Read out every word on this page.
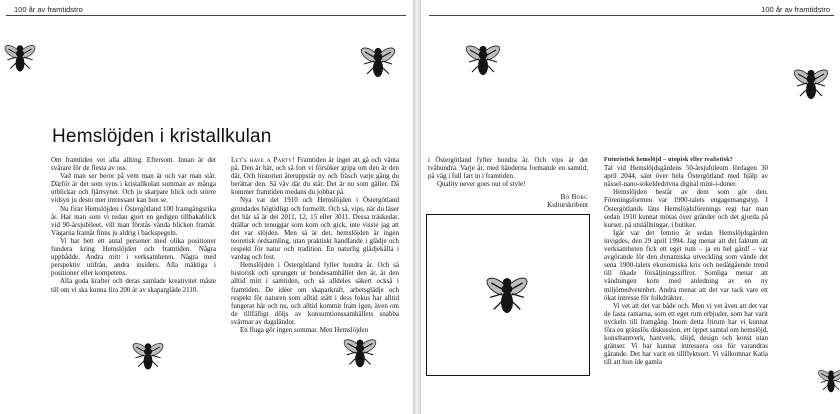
100 år av framtidstro
Hemslöjden i kristallkulan

Om framtiden vet alla allting. Eftersom. Innan är det svårare för de flesta av oss.

Vad man ser beror på vem man är och var man står. Därför är det som syns i kristallkulan summan av många utblickar och fjärrsyner. Och ju skarpare blick och större vidsyn ju desto mer intressant kan hon se.

Nu firar Hemslöjden i Östergötland 100 framgångsrika år. Har man som vi redan gjort en gedigen tillbakablick vid 90-årsjubileet, vill man förstås vända blicken framåt. Vägarna framåt finns ju aldrig i backspegeln.

Vi har bett ett antal personer med olika positioner fundera kring Hemslöjden och framtiden. Några uppbådde. Andra mitt i verksamheten. Några med perspektiv utifrån, andra insiders. Alla mäktiga i positioner eller kompetens.

Alla goda krafter och deras samlade kreativitet måste till om vi ska kunna fira 200 år av skapargläde 2110.

Let's have a Party! Framtiden är inget att gå och vänta på. Den är här, och så fort vi försöker gripa om den är den där. Och historien återuppstår ny och fräsch varje gång du berättar den. Så väv där du står. Det är nu som gäller. Då kommer framtiden medans du jobbar på.

Nya var det 1910 och Hemslöjden i Östergötland grundades högtidligt och formellt. Och så, vips, när du läser det här så är det 2011, 12, 15 eller 3011. Dessa träskedar, drällar och tenuggar som kom och gick, inte visste jag att det var slöjden. Men så är det, hemslöjden är ingen teoretisk ordsamling, utan praktiskt handlande i glädje och respekt för natur och tradition. En naturlig glädjekälla i vardag och fest.

Hemslöjden i Östergötland fyller hundra år. Och så historisk och sprungen ur bondesamhället den är, är den alltid mitt i samtiden, och så alldeles säkert också i framtiden. De idéer om skaparkraft, arbetsglädje och respekt för naturen som alltid stått i dess fokus har alltid fungerat här och nu, och alltid kommit fram igen, även om de tillfälligt döljs av konsumtionssamhällets snabba svärmar av dagsländor.

En fluga gör ingen sommar. Men Hemslöjden

100 år av framtidstro

i Östergötland fyller hundra år. Och vips är det tvåhundra. Varje år, med händerna formande en samtid, på väg i full fart in i framtiden.

Quality never goes out of style!

Bo Borg
Kulturskribent

Futuristisk hemslöjd – utopisk eller realistisk?

Tal vid Hemslöjdsgårdens 50-årsjubileum lördagen 30 april 2044, sänt över hela Östergötland med hjälp av nässel-nano-sokeldedrivna digital mini-i-doner.

Hemslöjden består av dem som gör den. Föreningsformen var 1900-talets engagemangstyp. I Östergötlands läns Hemslöjdsförenings regi har man sedan 1910 kunnat mötas över gränder och det gjorda på kurser, på utställningar, i butiker.

Igår var det femtio år sedan Hemslöjdsgården invigdes, den 29 april 1994. Jag menar att det faktum att verksamheten fick ett eget rum – ja en hel gård! – var avgörande för den dynamiska utveckling som vände det sena 1900-talets ekonomiska kris och nedåtgående trend till ökade försäljningssiffror. Somliga menar att vändningen kom med anledning av en ny miljömedvetenhet. Andra menar att det var tack vare ett ökat intresse för folkdräkter.

Vi vet att det var både och. Men vi vet även att det var de fasta ramarna, som ett eget rum erbjuder, som har varit nyckeln till framgång. Inom detta frirum har vi kunnat föra en gränslös diskussion, ett öppet samtal om hemslöjd, konsthantverk, hantverk, slöjd, design och konst utan gränser. Vi har kunnat intressera oss för varandras gärande. Det har varit en tillflyktsort. Vi välkomnar Katla till att hon ide gamla
